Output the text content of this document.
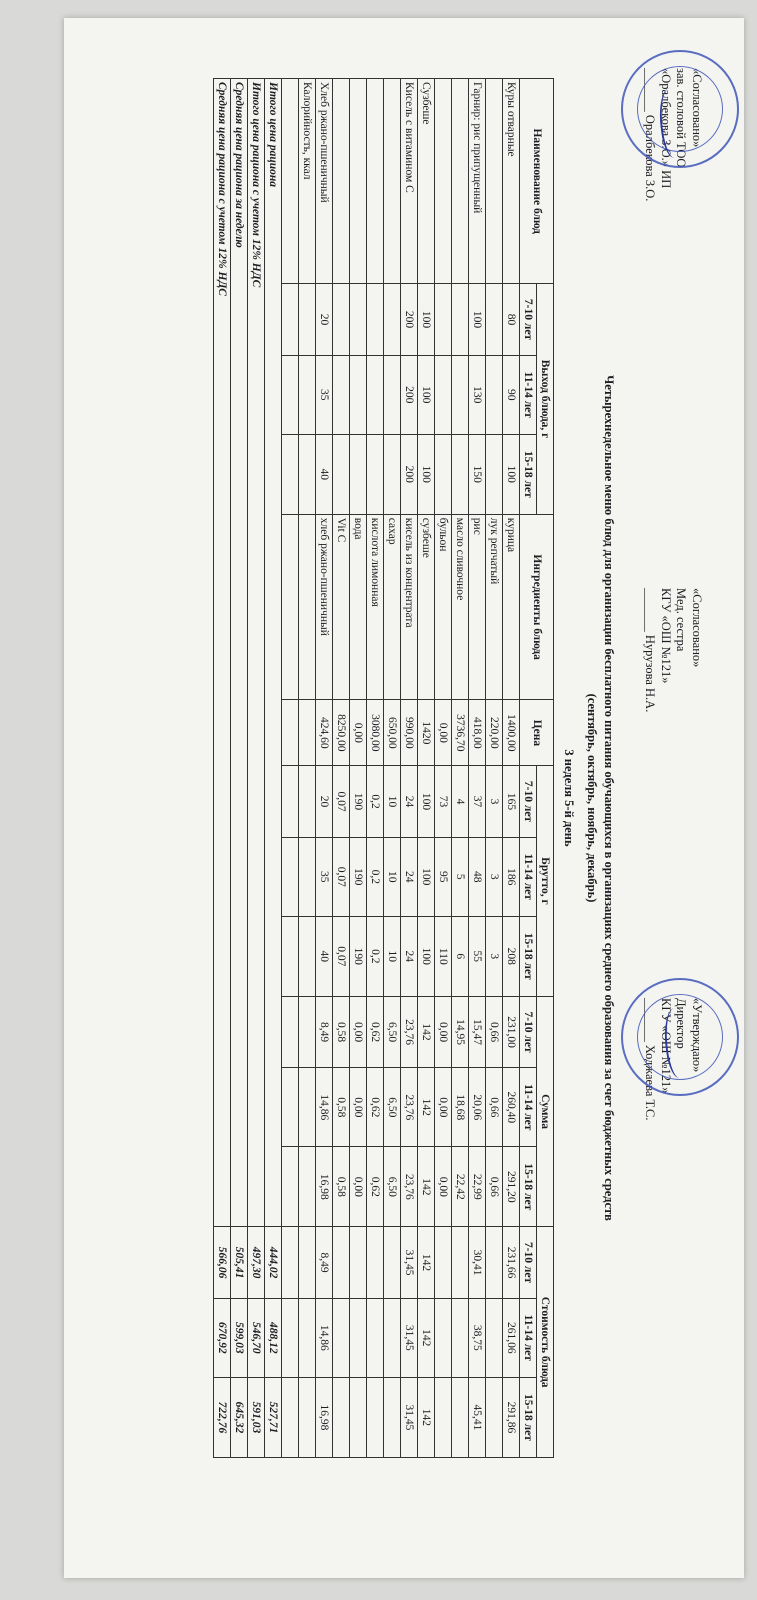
«Согласовано»
зав. столовой ТОО
«Оралбекова З.О.» ИП
_______ Оралбекова З.О.
«Согласовано»
Мед. сестра
КГУ «ОШ №121»
_______ Нурузова Н.А.
«Утверждаю»
Директор
КГУ «ОШ №121»
_______ Ходжаева Т.С.
Четырехнедельное меню блюд для организации бесплатного питания обучающихся в организациях среднего образования за счет бюджетных средств
(сентябрь, октябрь, ноябрь, декабрь)
3 неделя 5-й день
Наименование блюд	Выход блюда, г			Ингредиенты блюда	Цена	Брутто, г			Сумма			Стоимость блюда		
	7-10 лет	11-14 лет	15-18 лет			7-10 лет	11-14 лет	15-18 лет	7-10 лет	11-14 лет	15-18 лет	7-10 лет	11-14 лет	15-18 лет
Куры отварные	80	90	100	курица	1400,00	165	186	208	231,00	260,40	291,20	231,66	261,06	291,86
				лук репчатый	220,00	3	3	3	0,66	0,66	0,66			
Гарнир: рис припущенный	100	130	150	рис	418,00	37	48	55	15,47	20,06	22,99	30,41	38,75	45,41
				масло сливочное	3736,70	4	5	6	14,95	18,68	22,42			
				бульон	0,00	73	95	110	0,00	0,00	0,00			
Сузбеше	100	100	100	сузбеше	1420	100	100	100	142	142	142	142	142	142
Кисель с витамином С	200	200	200	кисель из концентрата	990,00	24	24	24	23,76	23,76	23,76	31,45	31,45	31,45
				сахар	650,00	10	10	10	6,50	6,50	6,50			
				кислота лимонная	3080,00	0,2	0,2	0,2	0,62	0,62	0,62			
				вода	0,00	190	190	190	0,00	0,00	0,00			
				Vit C	8250,00	0,07	0,07	0,07	0,58	0,58	0,58			
Хлеб ржано-пшеничный	20	35	40	хлеб ржано-пшеничный	424,60	20	35	40	8,49	14,86	16,98	8,49	14,86	16,98
Калорийность, ккал														

Итого цена рациона												444,02	488,12	527,71
Итого цена рациона с учетом 12% НДС												497,30	546,70	591,03
Средняя цена рациона за неделю												505,41	599,03	645,32
Средняя цена рациона с учетом 12% НДС												566,06	670,92	722,76
